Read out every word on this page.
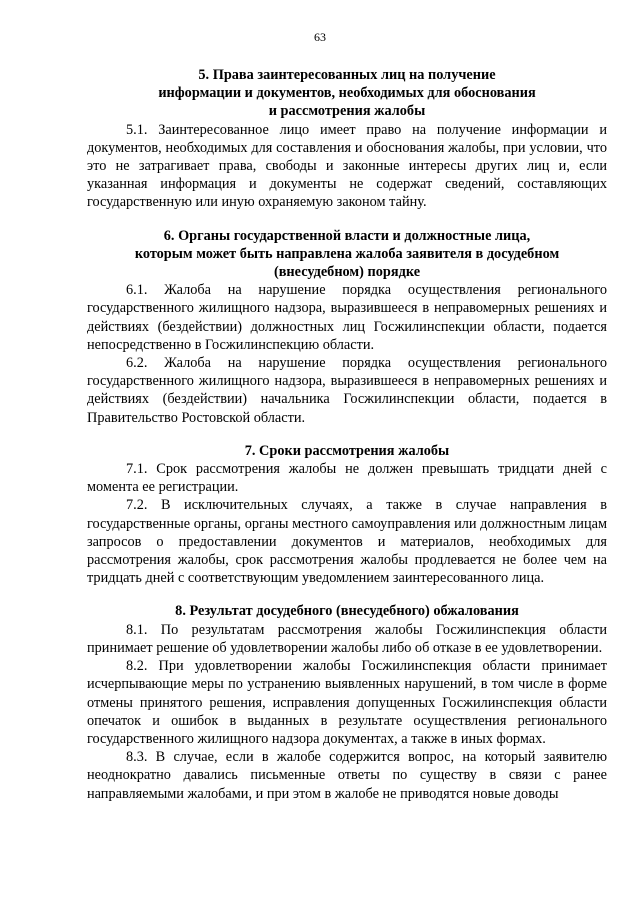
63

5. Права заинтересованных лиц на получение
информации и документов, необходимых для обоснования
и рассмотрения жалобы

5.1. Заинтересованное лицо имеет право на получение информации и документов, необходимых для составления и обоснования жалобы, при условии, что это не затрагивает права, свободы и законные интересы других лиц и, если указанная информация и документы не содержат сведений, составляющих государственную или иную охраняемую законом тайну.

6. Органы государственной власти и должностные лица,
которым может быть направлена жалоба заявителя в досудебном
(внесудебном) порядке

6.1. Жалоба на нарушение порядка осуществления регионального государственного жилищного надзора, выразившееся в неправомерных решениях и действиях (бездействии) должностных лиц Госжилинспекции области, подается непосредственно в Госжилинспекцию области.

6.2. Жалоба на нарушение порядка осуществления регионального государственного жилищного надзора, выразившееся в неправомерных решениях и действиях (бездействии) начальника Госжилинспекции области, подается в Правительство Ростовской области.

7. Сроки рассмотрения жалобы

7.1. Срок рассмотрения жалобы не должен превышать тридцати дней с момента ее регистрации.

7.2. В исключительных случаях, а также в случае направления в государственные органы, органы местного самоуправления или должностным лицам запросов о предоставлении документов и материалов, необходимых для рассмотрения жалобы, срок рассмотрения жалобы продлевается не более чем на тридцать дней с соответствующим уведомлением заинтересованного лица.

8. Результат досудебного (внесудебного) обжалования

8.1. По результатам рассмотрения жалобы Госжилинспекция области принимает решение об удовлетворении жалобы либо об отказе в ее удовлетворении.

8.2. При удовлетворении жалобы Госжилинспекция области принимает исчерпывающие меры по устранению выявленных нарушений, в том числе в форме отмены принятого решения, исправления допущенных Госжилинспекция области опечаток и ошибок в выданных в результате осуществления регионального государственного жилищного надзора документах, а также в иных формах.

8.3. В случае, если в жалобе содержится вопрос, на который заявителю неоднократно давались письменные ответы по существу в связи с ранее направляемыми жалобами, и при этом в жалобе не приводятся новые доводы
